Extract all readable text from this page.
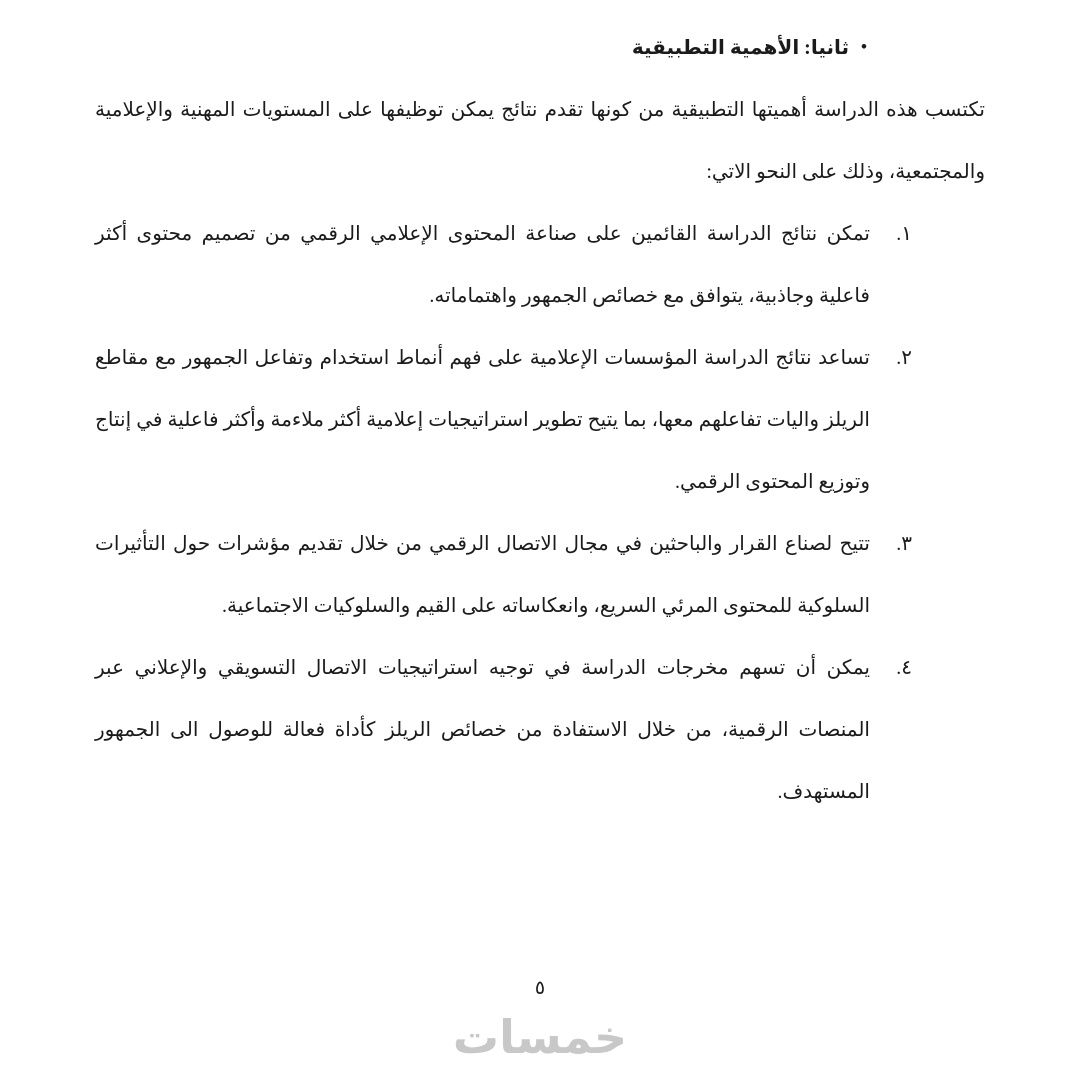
•ثانيا: الأهمية التطبيقية

تكتسب هذه الدراسة أهميتها التطبيقية من كونها تقدم نتائج يمكن توظيفها على المستويات المهنية والإعلامية والمجتمعية، وذلك على النحو الاتي:

١.
تمكن نتائج الدراسة القائمين على صناعة المحتوى الإعلامي الرقمي من تصميم محتوى أكثر فاعلية وجاذبية، يتوافق مع خصائص الجمهور واهتماماته.
٢.
تساعد نتائج الدراسة المؤسسات الإعلامية على فهم أنماط استخدام وتفاعل الجمهور مع مقاطع الريلز واليات تفاعلهم معها، بما يتيح تطوير استراتيجيات إعلامية أكثر ملاءمة وأكثر فاعلية في إنتاج وتوزيع المحتوى الرقمي.
٣.
تتيح لصناع القرار والباحثين في مجال الاتصال الرقمي من خلال تقديم مؤشرات حول التأثيرات السلوكية للمحتوى المرئي السريع، وانعكاساته على القيم والسلوكيات الاجتماعية.
٤.
يمكن أن تسهم مخرجات الدراسة في توجيه استراتيجيات الاتصال التسويقي والإعلاني عبر المنصات الرقمية، من خلال الاستفادة من خصائص الريلز كأداة فعالة للوصول الى الجمهور المستهدف.
٥
خمسات
